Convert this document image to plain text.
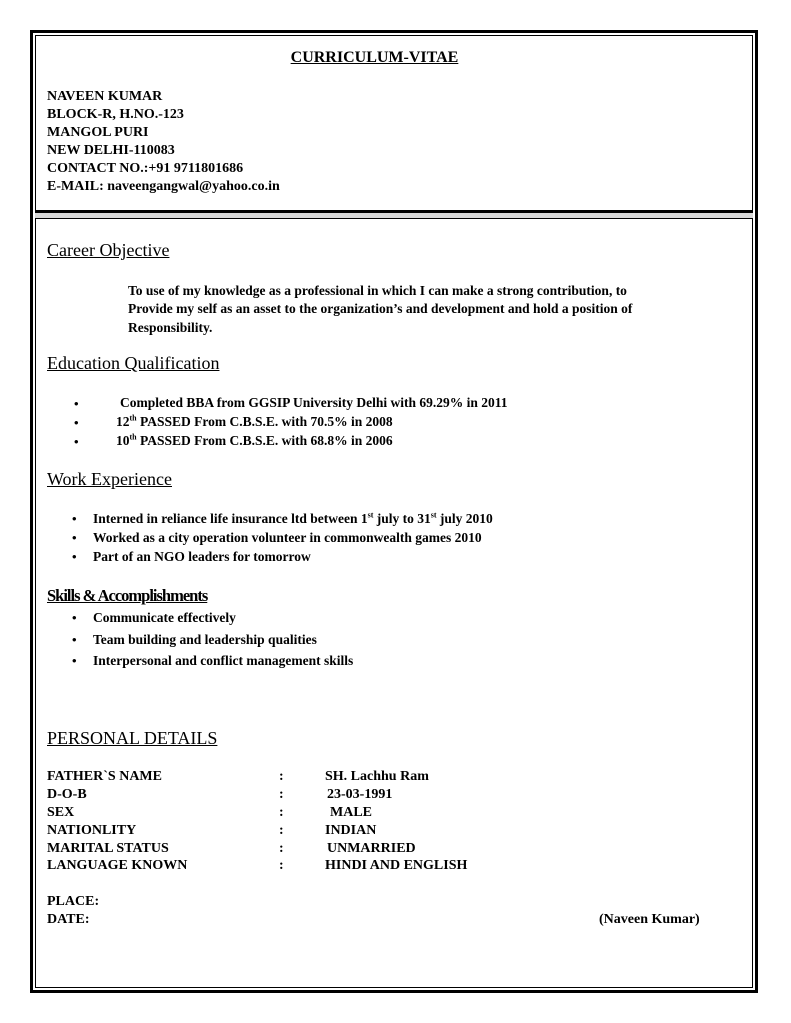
CURRICULUM-VITAE
NAVEEN KUMAR
BLOCK-R, H.NO.-123
MANGOL PURI
NEW DELHI-110083
CONTACT NO.:+91 9711801686
E-MAIL: naveengangwal@yahoo.co.in
Career Objective
To use of my knowledge as a professional in which I can make a strong contribution, to
Provide my self as an asset to the organization’s and development and hold a position of
Responsibility.
Education Qualification
•	Completed BBA from GGSIP University Delhi with 69.29% in 2011
•	12th PASSED From C.B.S.E. with 70.5% in 2008
•	10th PASSED From C.B.S.E. with 68.8% in 2006
Work Experience
• Interned in reliance life insurance ltd between 1st july to 31st july 2010
• Worked as a city operation volunteer in commonwealth games 2010
• Part of an NGO leaders for tomorrow
Skills & Accomplishments
• Communicate effectively
• Team building and leadership qualities
• Interpersonal and conflict management skills
PERSONAL DETAILS
FATHER`S NAME	:	SH. Lachhu Ram
D-O-B	:	23-03-1991
SEX	:	MALE
NATIONLITY	:	INDIAN
MARITAL STATUS	:	UNMARRIED
LANGUAGE KNOWN	:	HINDI AND ENGLISH
PLACE:
DATE:	(Naveen Kumar)
